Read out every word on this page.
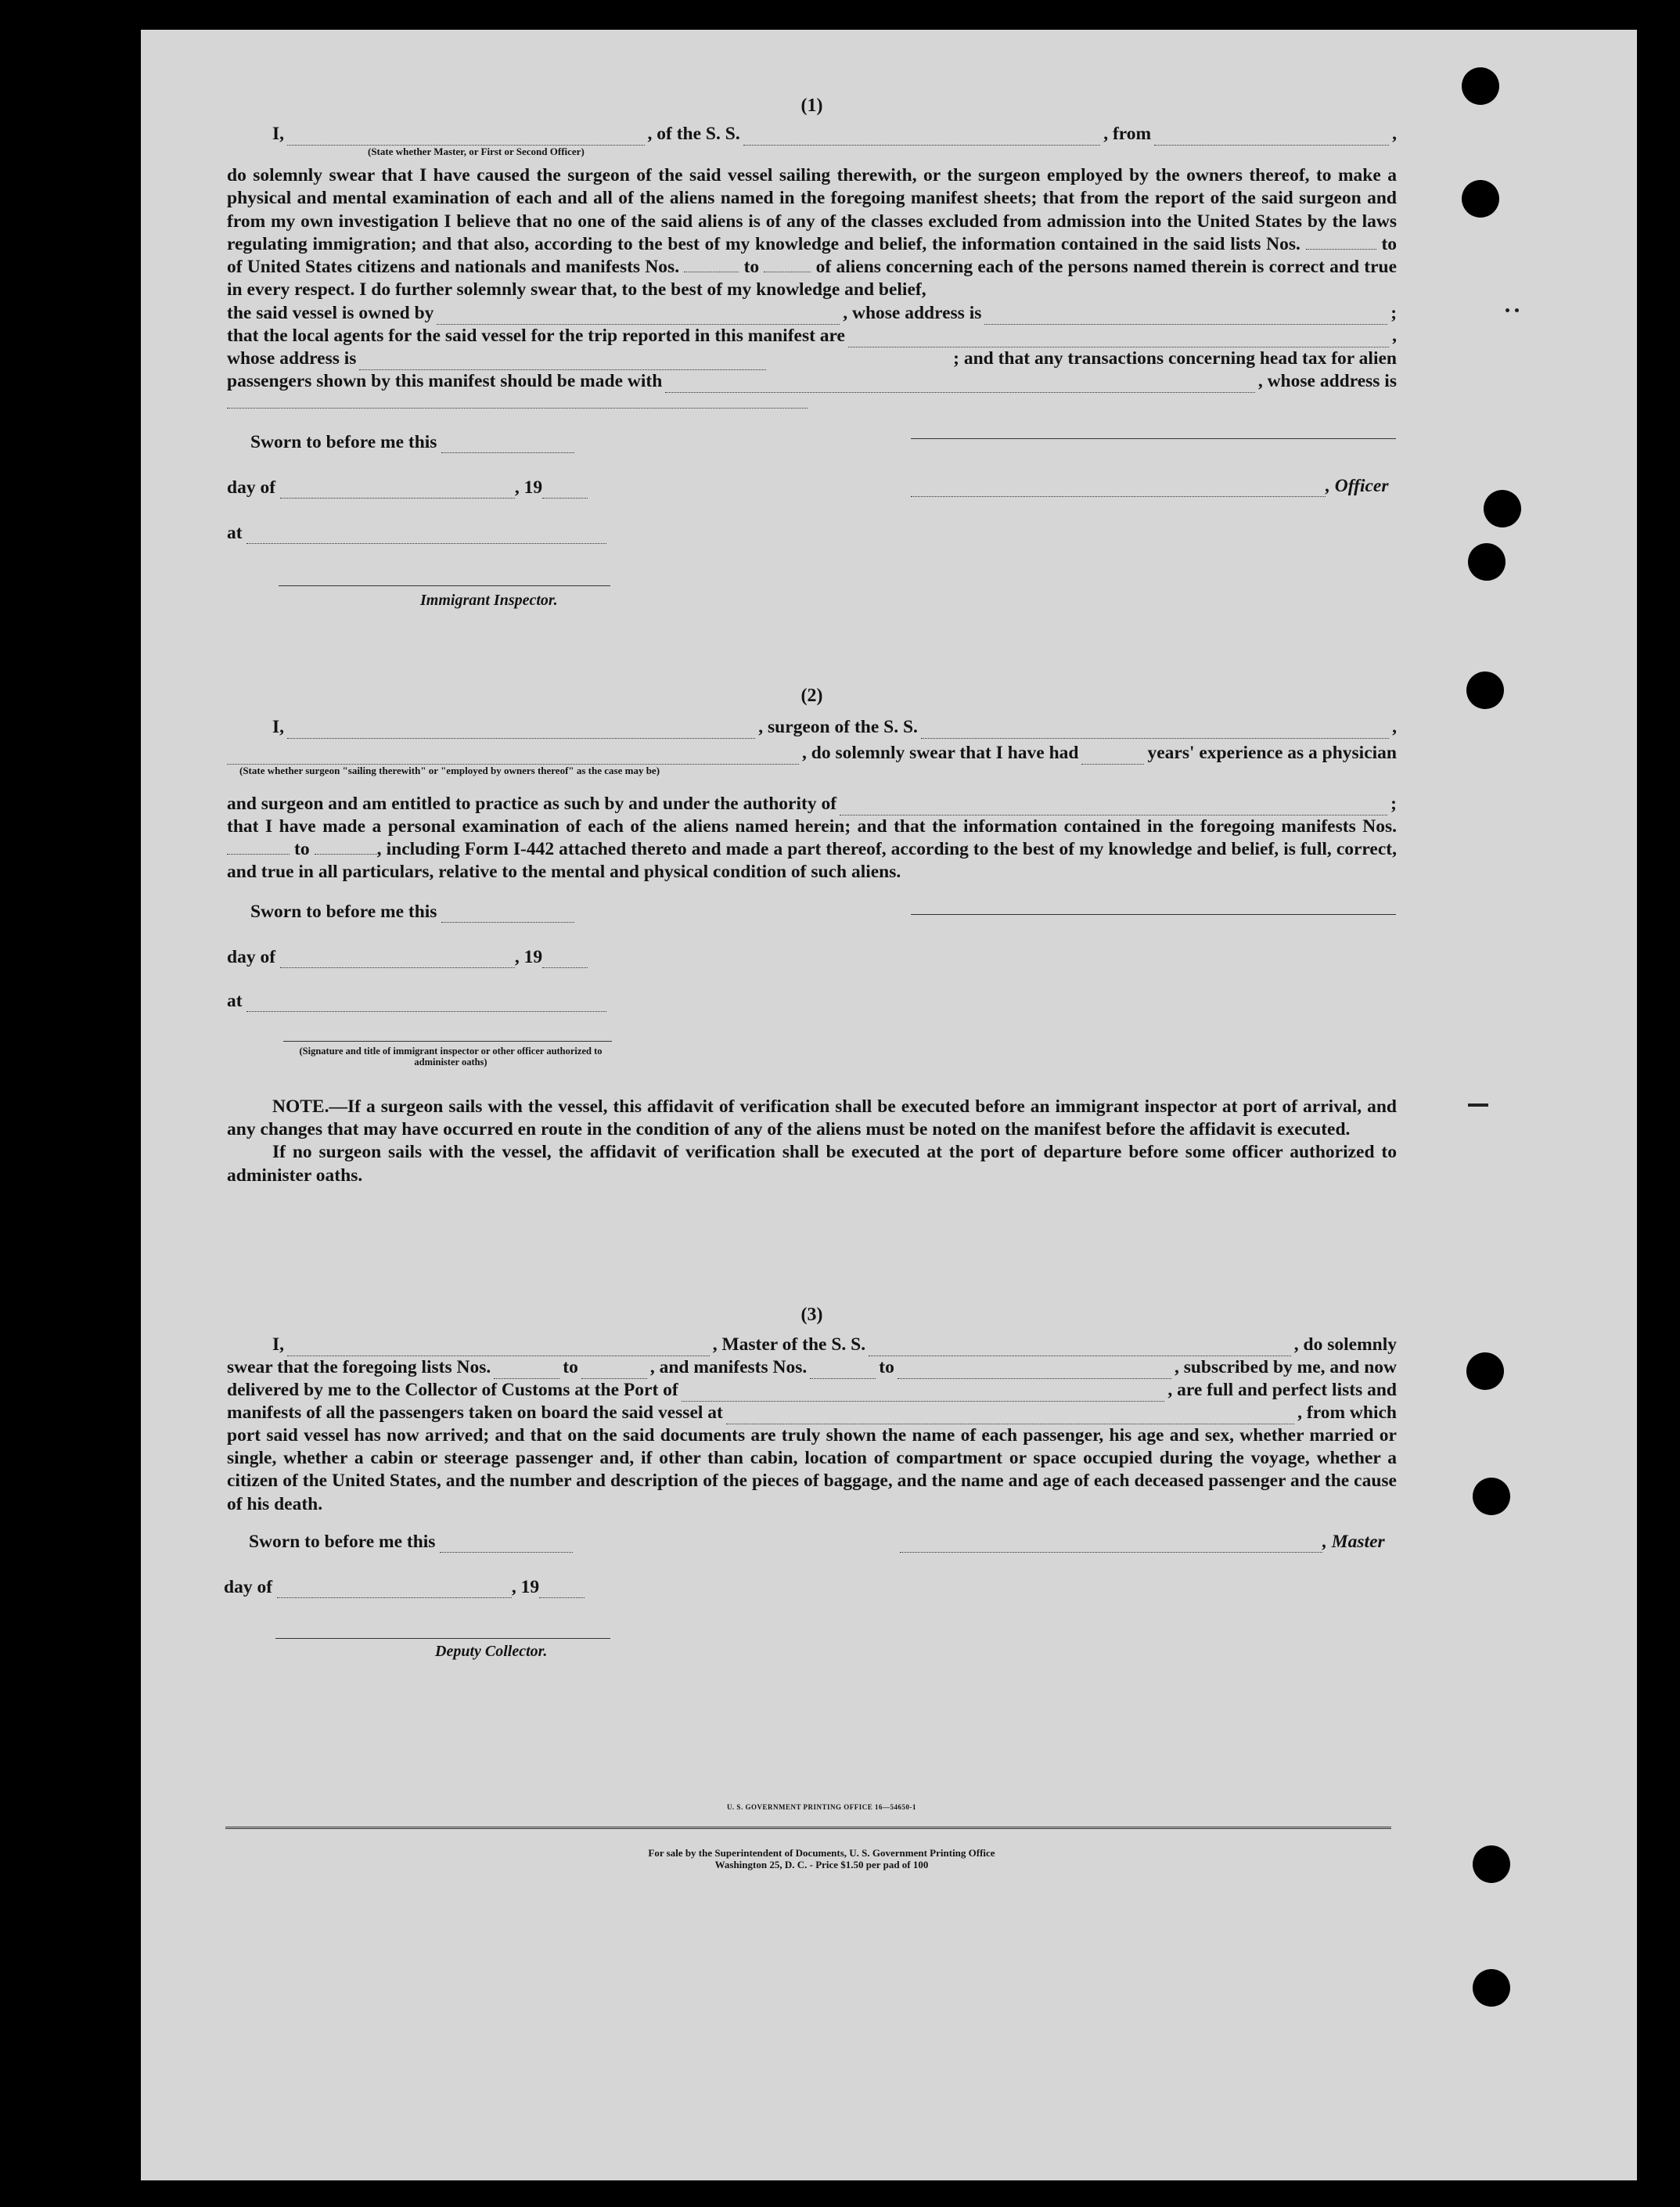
(1)
I,	, of the S. S.	, from	,
(State whether Master, or First or Second Officer)

do solemnly swear that I have caused the surgeon of the said vessel sailing therewith, or the surgeon employed by the owners thereof, to make a physical and mental examination of each and all of the aliens named in the foregoing manifest sheets; that from the report of the said surgeon and from my own investigation I believe that no one of the said aliens is of any of the classes excluded from admission into the United States by the laws regulating immigration; and that also, according to the best of my knowledge and belief, the information contained in the said lists Nos.	to of United States citizens and nationals and manifests Nos.	to	of aliens concerning each of the persons named therein is correct and true in every respect. I do further solemnly swear that, to the best of my knowledge and belief,

the said vessel is owned by	, whose address is	;
that the local agents for the said vessel for the trip reported in this manifest are	,
whose address is	; and that any transactions concerning head tax for alien
passengers shown by this manifest should be made with	, whose address is
Sworn to before me this
day of	, 19
at
Immigrant Inspector.
, Officer
(2)
I,	, surgeon of the S. S.	,
, do solemnly swear that I have had	years' experience as a physician
(State whether surgeon "sailing therewith" or "employed by owners thereof" as the case may be)
and surgeon and am entitled to practice as such by and under the authority of	;

that I have made a personal examination of each of the aliens named herein; and that the information contained in the foregoing manifests Nos.  to	, including Form I-442 attached thereto and made a part thereof, according to the best of my knowledge and belief, is full, correct, and true in all particulars, relative to the mental and physical condition of such aliens.

Sworn to before me this
day of	, 19
at
(Signature and title of immigrant inspector or other officer authorized to administer oaths)

NOTE.—If a surgeon sails with the vessel, this affidavit of verification shall be executed before an immigrant inspector at port of arrival, and any changes that may have occurred en route in the condition of any of the aliens must be noted on the manifest before the affidavit is executed.

If no surgeon sails with the vessel, the affidavit of verification shall be executed at the port of departure before some officer authorized to administer oaths.

(3)
I,	, Master of the S. S.	, do solemnly
swear that the foregoing lists Nos.	to	, and manifests Nos.	to	, subscribed by me, and now
delivered by me to the Collector of Customs at the Port of	, are full and perfect lists and
manifests of all the passengers taken on board the said vessel at	, from which

port said vessel has now arrived; and that on the said documents are truly shown the name of each passenger, his age and sex, whether married or single, whether a cabin or steerage passenger and, if other than cabin, location of compartment or space occupied during the voyage, whether a citizen of the United States, and the number and description of the pieces of baggage, and the name and age of each deceased passenger and the cause of his death.

Sworn to before me this	, Master
day of	, 19
Deputy Collector.
U. S. GOVERNMENT PRINTING OFFICE 16—54650-1
For sale by the Superintendent of Documents, U. S. Government Printing Office
Washington 25, D. C. - Price $1.50 per pad of 100
